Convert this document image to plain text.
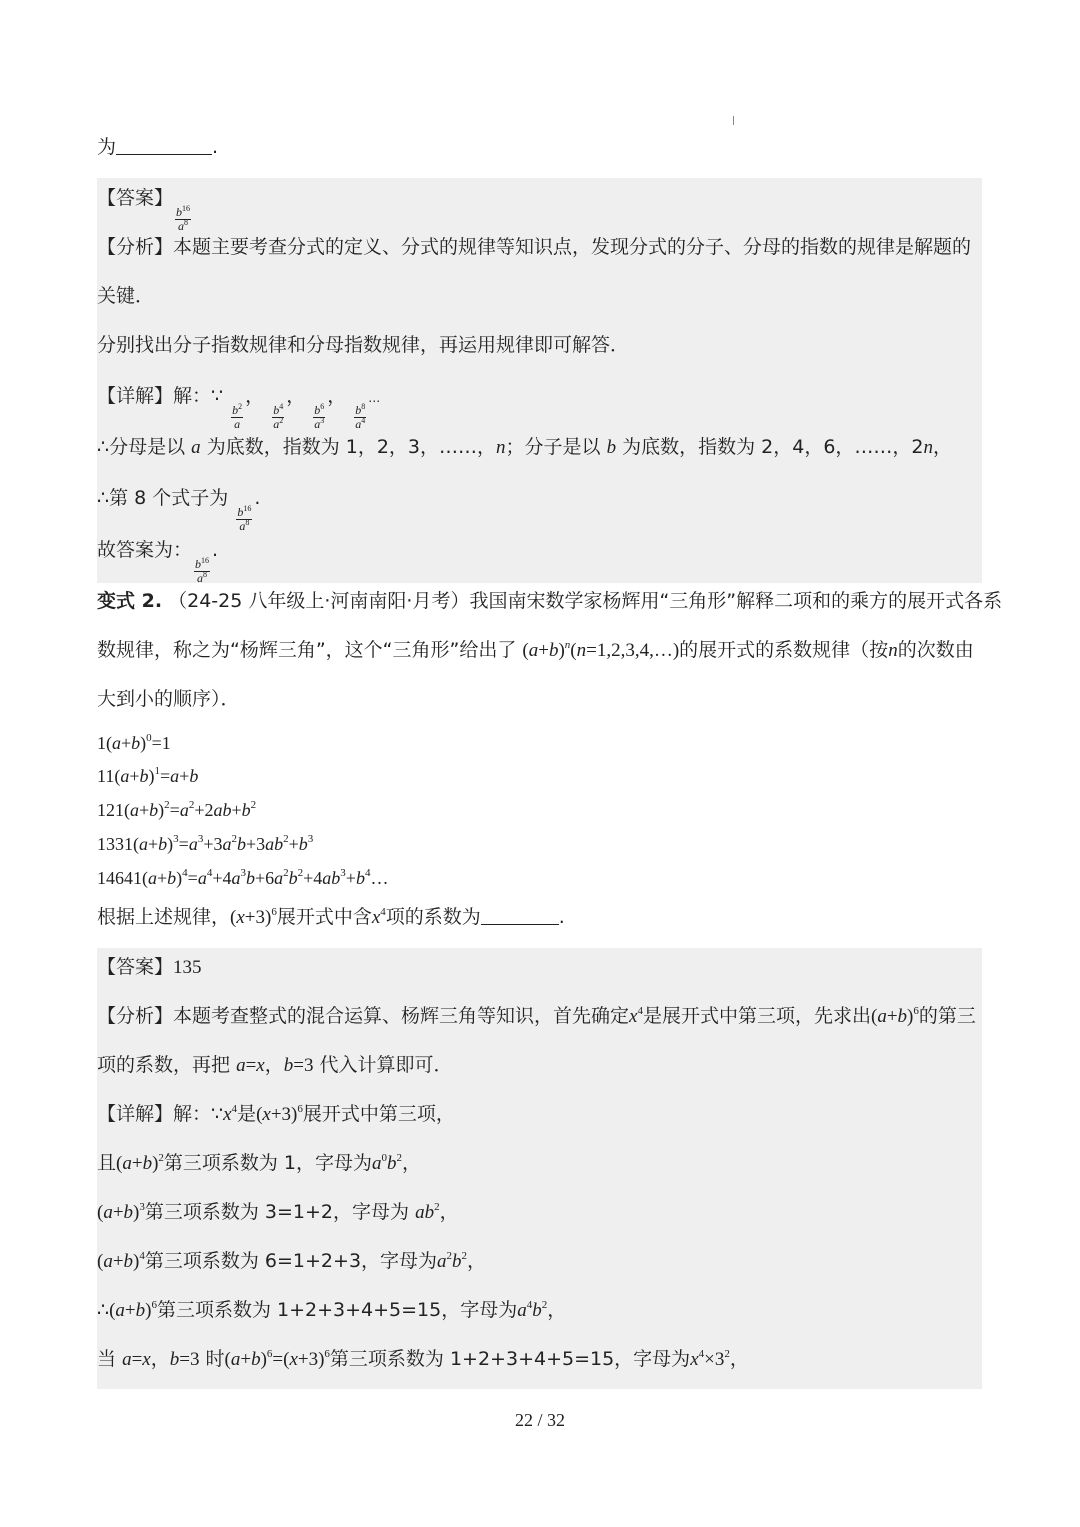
为	.
【答案】
$\frac{b^{16}}{a^8}$
【分析】本题主要考查分式的定义、分式的规律等知识点，发现分式的分子、分母的指数的规律是解题的
关键．
分别找出分子指数规律和分母指数规律，再运用规律即可解答．
【详解】解：∵
$\frac{b^2}{a}$
，
$\frac{b^4}{a^2}$
，
$\frac{b^6}{a^3}$
，
$\frac{b^8}{a^4}$
…
∴分母是以 a 为底数，指数为 1，2，3，……，n；分子是以 b 为底数，指数为 2，4，6，……，2n，
∴第 8 个式子为
$\frac{b^{16}}{a^8}$
.
故答案为：
$\frac{b^{16}}{a^8}$
.
变式 2. （24-25 八年级上·河南南阳·月考）我国南宋数学家杨辉用“三角形”解释二项和的乘方的展开式各系
数规律，称之为“杨辉三角”，这个“三角形”给出了 $(a+b)^n(n=1,2,3,4,\dots)$的展开式的系数规律（按n的次数由
大到小的顺序）．
$1(a+b)^0=1$
$11(a+b)^1=a+b$
$121(a+b)^2=a^2+2ab+b^2$
$1331(a+b)^3=a^3+3a^2b+3ab^2+b^3$
$14641(a+b)^4=a^4+4a^3b+6a^2b^2+4ab^3+b^4\dots$
根据上述规律，$(x+3)^6$展开式中含$x^4$项的系数为	.
【答案】135
【分析】本题考查整式的混合运算、杨辉三角等知识，首先确定$x^4$是展开式中第三项，先求出$(a+b)^6$的第三
项的系数，再把 a=x，b=3 代入计算即可．
【详解】解：$\because x^4$是$(x+3)^6$展开式中第三项，
且$(a+b)^2$第三项系数为 1，字母为$a^0b^2$，
$(a+b)^3$第三项系数为 3=1+2，字母为 $ab^2$，
$(a+b)^4$第三项系数为 6=1+2+3，字母为$a^2b^2$，
$\therefore(a+b)^6$第三项系数为 1+2+3+4+5=15，字母为$a^4b^2$，
当 a=x，b=3 时$(a+b)^6=(x+3)^6$第三项系数为 1+2+3+4+5=15，字母为$x^4\times 3^2$，
22 / 32
